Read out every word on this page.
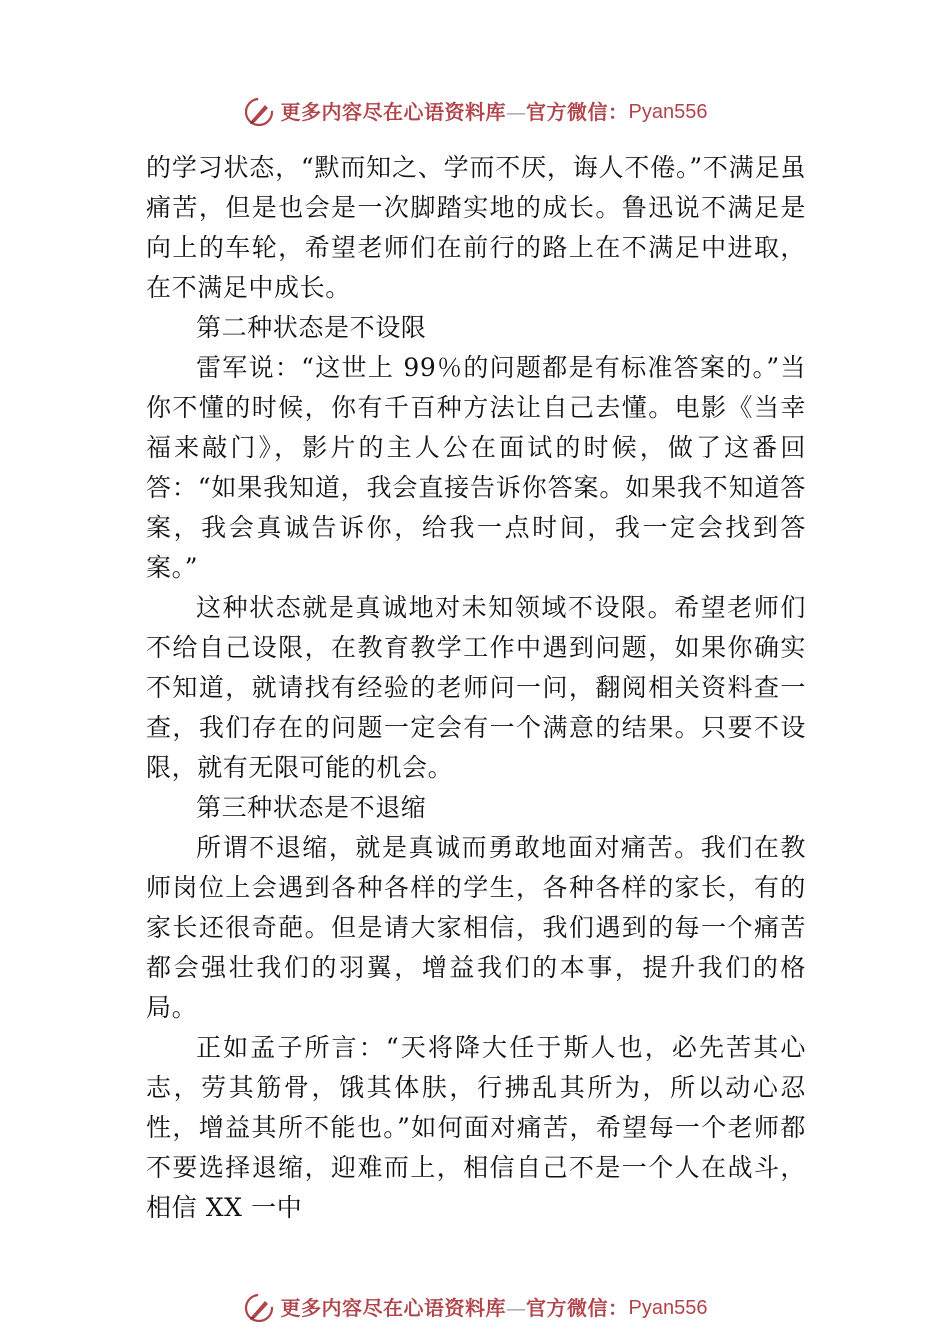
更多内容尽在心语资料库 — 官方微信： Pyan556

的学习状态，“默而知之、学而不厌，诲人不倦。”不满足虽痛苦，但是也会是一次脚踏实地的成长。鲁迅说不满足是向上的车轮，希望老师们在前行的路上在不满足中进取，在不满足中成长。

第二种状态是不设限

雷军说：“这世上 99％的问题都是有标准答案的。”当你不懂的时候，你有千百种方法让自己去懂。电影《当幸福来敲门》，影片的主人公在面试的时候，做了这番回答：“如果我知道，我会直接告诉你答案。如果我不知道答案，我会真诚告诉你，给我一点时间，我一定会找到答案。”

这种状态就是真诚地对未知领域不设限。希望老师们不给自己设限，在教育教学工作中遇到问题，如果你确实不知道，就请找有经验的老师问一问，翻阅相关资料查一查，我们存在的问题一定会有一个满意的结果。只要不设限，就有无限可能的机会。

第三种状态是不退缩

所谓不退缩，就是真诚而勇敢地面对痛苦。我们在教师岗位上会遇到各种各样的学生，各种各样的家长，有的家长还很奇葩。但是请大家相信，我们遇到的每一个痛苦都会强壮我们的羽翼，增益我们的本事，提升我们的格局。

正如孟子所言：“天将降大任于斯人也，必先苦其心志，劳其筋骨，饿其体肤，行拂乱其所为，所以动心忍性，增益其所不能也。”如何面对痛苦，希望每一个老师都不要选择退缩，迎难而上，相信自己不是一个人在战斗，相信 XX 一中

更多内容尽在心语资料库 — 官方微信： Pyan556
